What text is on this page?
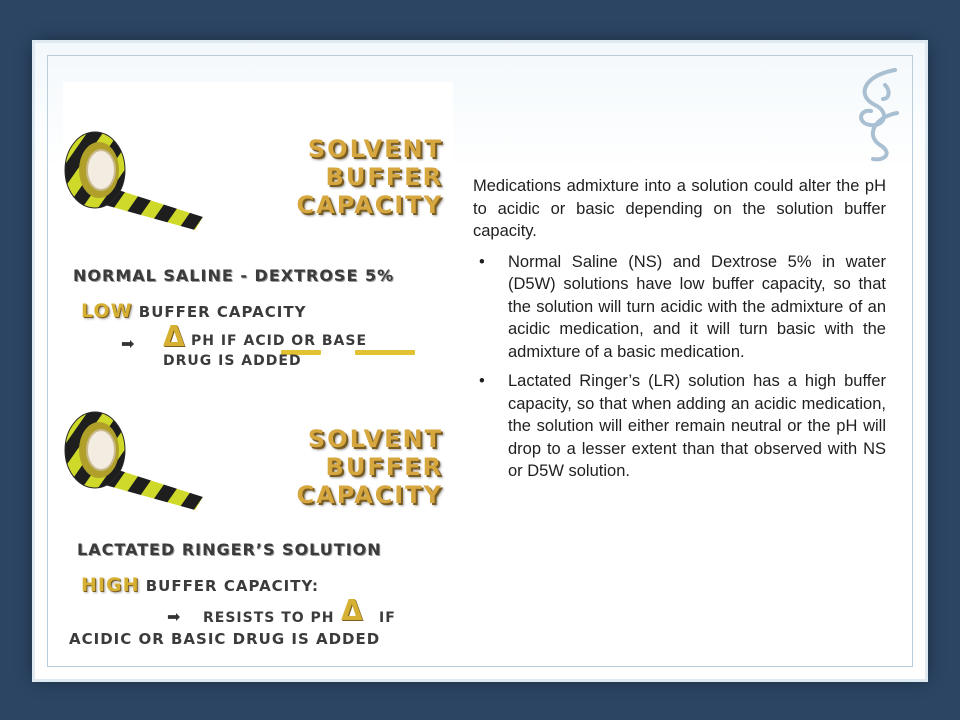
SOLVENT BUFFER
CAPACITY

NORMAL SALINE - DEXTROSE 5%

LOW BUFFER CAPACITY

➡ Δ PH IF ACID OR BASE

DRUG IS ADDED

SOLVENT BUFFER
CAPACITY

LACTATED RINGER’S SOLUTION

HIGH BUFFER CAPACITY:

➡ RESISTS TO PH Δ IF

ACIDIC OR BASIC DRUG IS ADDED

Medications admixture into a solution could alter the pH to acidic or basic depending on the solution buffer capacity.

• Normal Saline (NS) and Dextrose 5% in water (D5W) solutions have low buffer capacity, so that the solution will turn acidic with the admixture of an acidic medication, and it will turn basic with the admixture of a basic medication.
• Lactated Ringer’s (LR) solution has a high buffer capacity, so that when adding an acidic medication, the solution will either remain neutral or the pH will drop to a lesser extent than that observed with NS or D5W solution.
